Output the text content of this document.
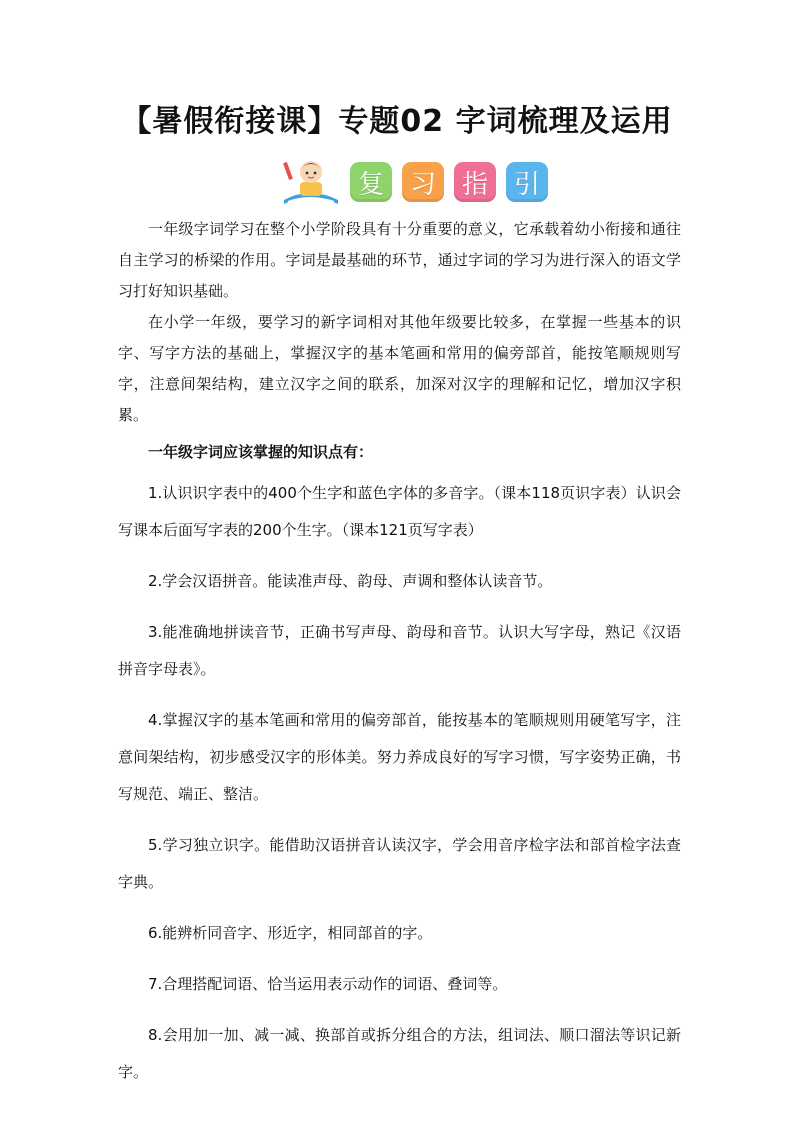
【暑假衔接课】专题02 字词梳理及运用
复 习 指 引

一年级字词学习在整个小学阶段具有十分重要的意义，它承载着幼小衔接和通往自主学习的桥梁的作用。字词是最基础的环节，通过字词的学习为进行深入的语文学习打好知识基础。

在小学一年级，要学习的新字词相对其他年级要比较多，在掌握一些基本的识字、写字方法的基础上，掌握汉字的基本笔画和常用的偏旁部首，能按笔顺规则写字，注意间架结构，建立汉字之间的联系，加深对汉字的理解和记忆，增加汉字积累。

一年级字词应该掌握的知识点有：

1.认识识字表中的400个生字和蓝色字体的多音字。（课本118页识字表）认识会写课本后面写字表的200个生字。（课本121页写字表）

2.学会汉语拼音。能读准声母、韵母、声调和整体认读音节。

3.能准确地拼读音节，正确书写声母、韵母和音节。认识大写字母，熟记《汉语拼音字母表》。

4.掌握汉字的基本笔画和常用的偏旁部首，能按基本的笔顺规则用硬笔写字，注意间架结构，初步感受汉字的形体美。努力养成良好的写字习惯，写字姿势正确，书写规范、端正、整洁。

5.学习独立识字。能借助汉语拼音认读汉字，学会用音序检字法和部首检字法查字典。

6.能辨析同音字、形近字，相同部首的字。

7.合理搭配词语、恰当运用表示动作的词语、叠词等。

8.会用加一加、减一减、换部首或拆分组合的方法，组词法、顺口溜法等识记新字。
